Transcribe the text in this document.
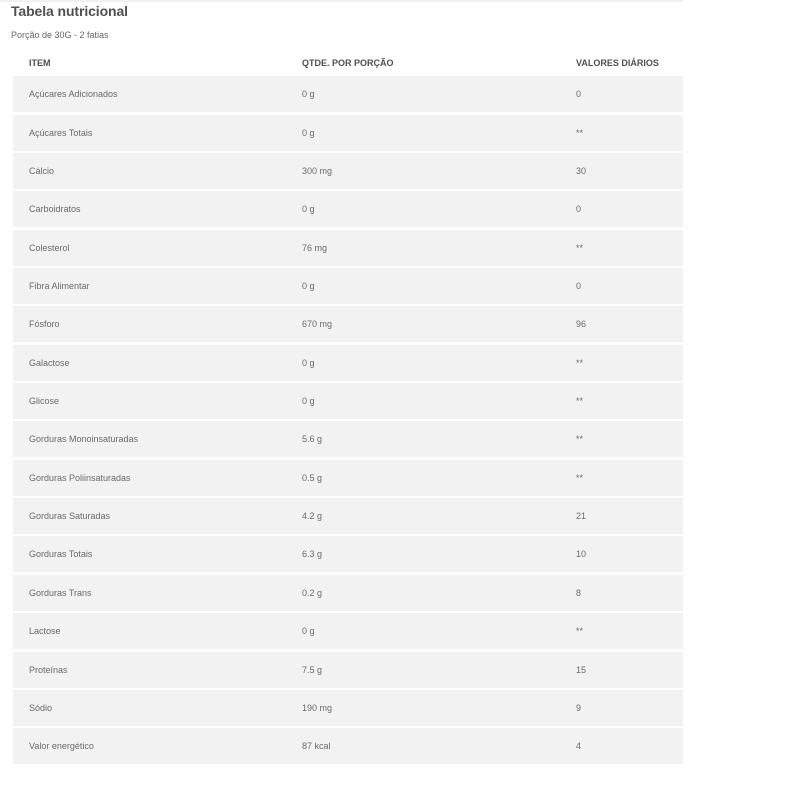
Tabela nutricional
Porção de 30G - 2 fatias
ITEM	QTDE. POR PORÇÃO	VALORES DIÁRIOS
Açúcares Adicionados	0 g	0
Açúcares Totais	0 g	**
Cálcio	300 mg	30
Carboidratos	0 g	0
Colesterol	76 mg	**
Fibra Alimentar	0 g	0
Fósforo	670 mg	96
Galactose	0 g	**
Glicose	0 g	**
Gorduras Monoinsaturadas	5.6 g	**
Gorduras Poliinsaturadas	0.5 g	**
Gorduras Saturadas	4.2 g	21
Gorduras Totais	6.3 g	10
Gorduras Trans	0.2 g	8
Lactose	0 g	**
Proteínas	7.5 g	15
Sódio	190 mg	9
Valor energético	87 kcal	4
